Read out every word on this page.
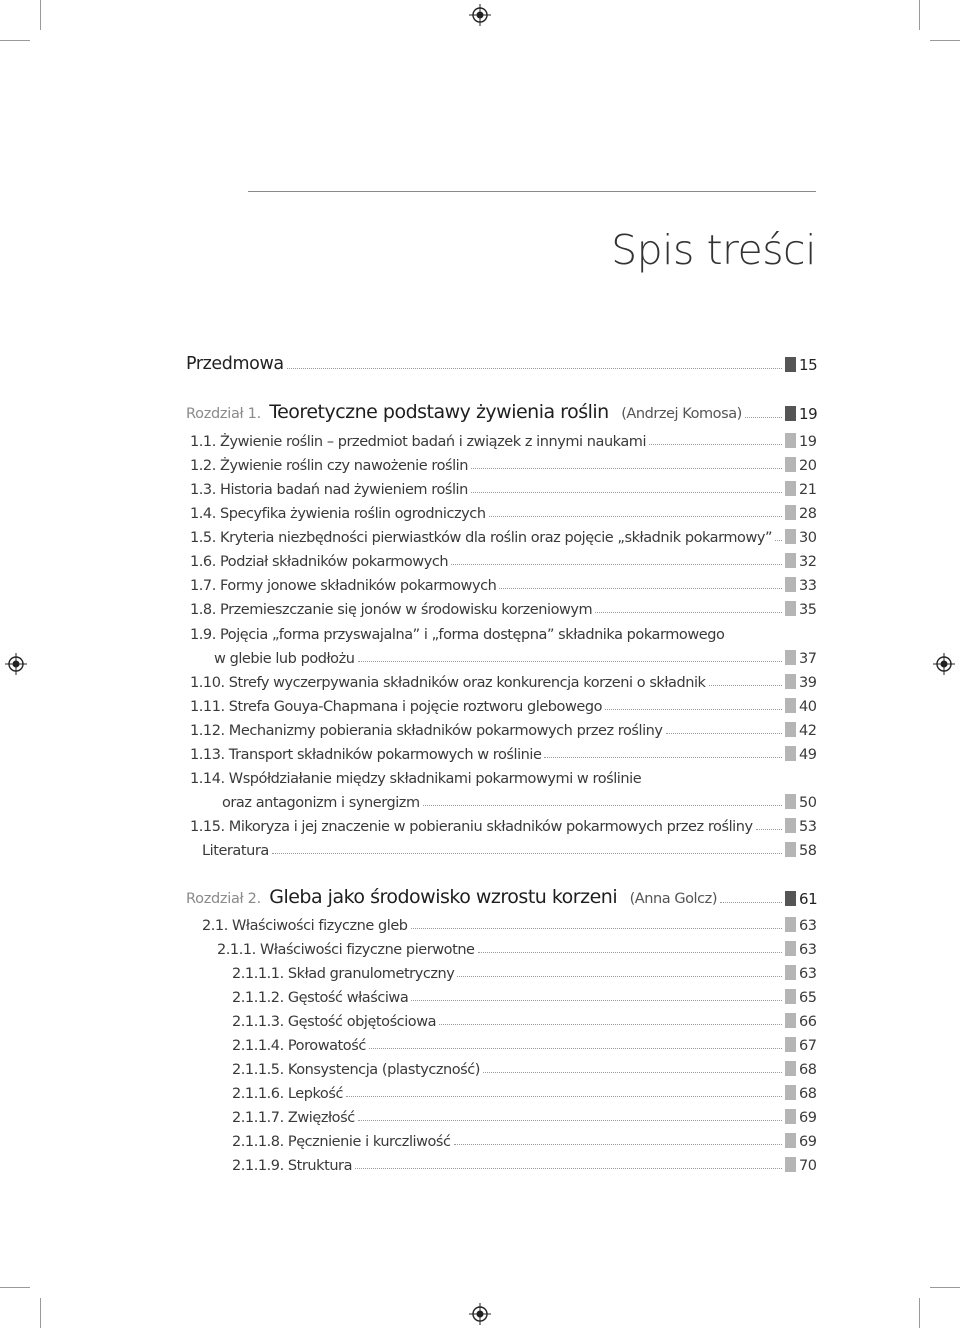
Spis treści
Przedmowa	15
Rozdział 1. Teoretyczne podstawy żywienia roślin (Andrzej Komosa)	19
1.1. Żywienie roślin – przedmiot badań i związek z innymi naukami	19
1.2. Żywienie roślin czy nawożenie roślin	20
1.3. Historia badań nad żywieniem roślin	21
1.4. Specyfika żywienia roślin ogrodniczych	28
1.5. Kryteria niezbędności pierwiastków dla roślin oraz pojęcie „składnik pokarmowy” 30
1.6. Podział składników pokarmowych	32
1.7. Formy jonowe składników pokarmowych	33
1.8. Przemieszczanie się jonów w środowisku korzeniowym	35
1.9. Pojęcia „forma przyswajalna” i „forma dostępna” składnika pokarmowego
w glebie lub podłożu	37
1.10. Strefy wyczerpywania składników oraz konkurencja korzeni o składnik	39
1.11. Strefa Gouya-Chapmana i pojęcie roztworu glebowego	40
1.12. Mechanizmy pobierania składników pokarmowych przez rośliny	42
1.13. Transport składników pokarmowych w roślinie	49
1.14. Współdziałanie między składnikami pokarmowymi w roślinie
oraz antagonizm i synergizm	50
1.15. Mikoryza i jej znaczenie w pobieraniu składników pokarmowych przez rośliny	53
Literatura	58
Rozdział 2. Gleba jako środowisko wzrostu korzeni (Anna Golcz)	61
2.1. Właściwości fizyczne gleb	63
2.1.1. Właściwości fizyczne pierwotne	63
2.1.1.1. Skład granulometryczny	63
2.1.1.2. Gęstość właściwa	65
2.1.1.3. Gęstość objętościowa	66
2.1.1.4. Porowatość	67
2.1.1.5. Konsystencja (plastyczność)	68
2.1.1.6. Lepkość	68
2.1.1.7. Zwięzłość	69
2.1.1.8. Pęcznienie i kurczliwość	69
2.1.1.9. Struktura	70
